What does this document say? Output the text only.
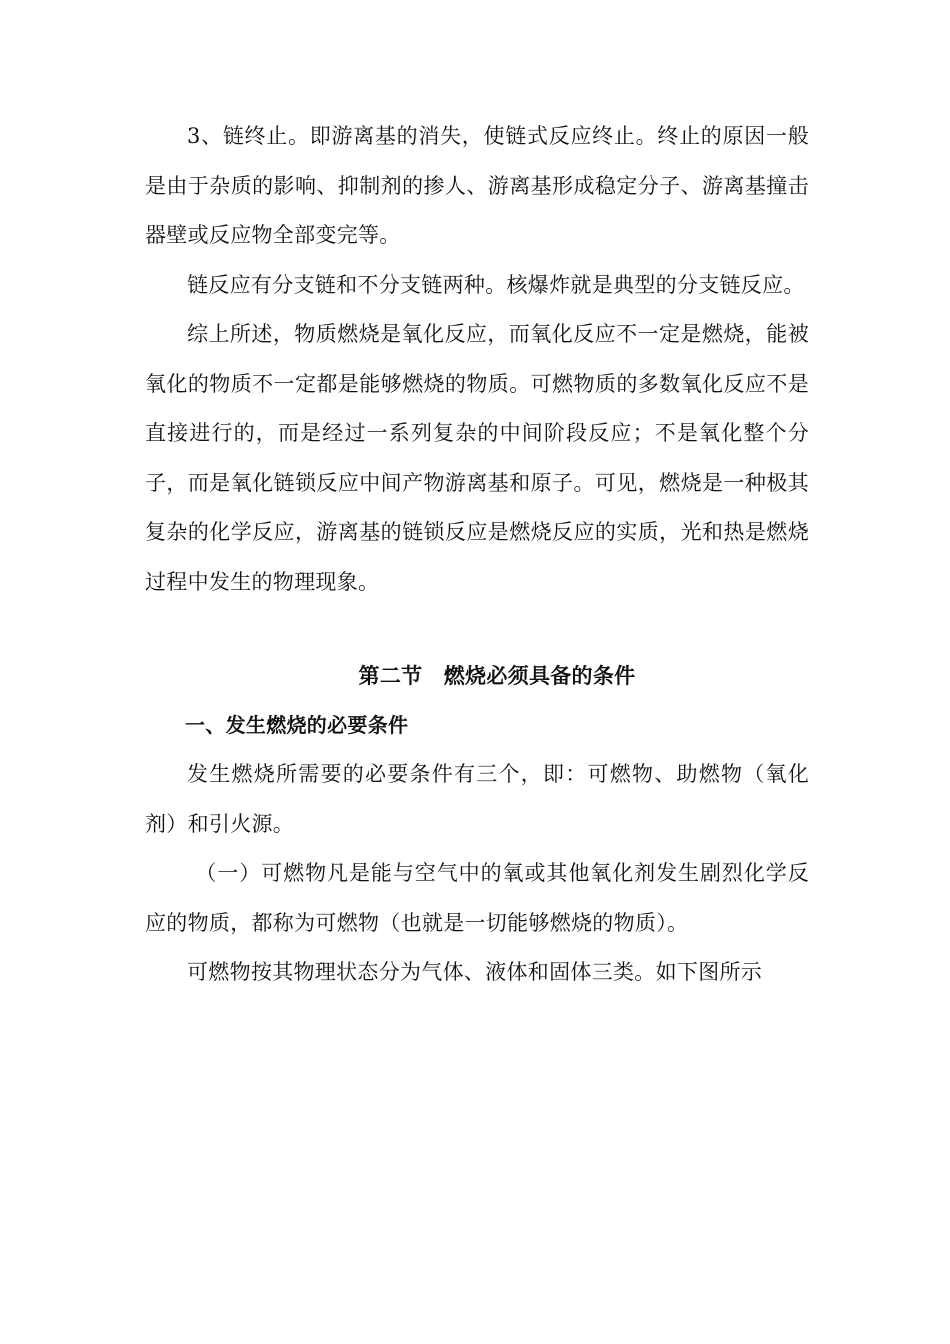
3、链终止。即游离基的消失，使链式反应终止。终止的原因一般是由于杂质的影响、抑制剂的掺人、游离基形成稳定分子、游离基撞击器壁或反应物全部变完等。

链反应有分支链和不分支链两种。核爆炸就是典型的分支链反应。

综上所述，物质燃烧是氧化反应，而氧化反应不一定是燃烧，能被氧化的物质不一定都是能够燃烧的物质。可燃物质的多数氧化反应不是直接进行的，而是经过一系列复杂的中间阶段反应；不是氧化整个分子，而是氧化链锁反应中间产物游离基和原子。可见，燃烧是一种极其复杂的化学反应，游离基的链锁反应是燃烧反应的实质，光和热是燃烧过程中发生的物理现象。

第二节　燃烧必须具备的条件
一、发生燃烧的必要条件

发生燃烧所需要的必要条件有三个，即：可燃物、助燃物（氧化剂）和引火源。

（一）可燃物凡是能与空气中的氧或其他氧化剂发生剧烈化学反应的物质，都称为可燃物（也就是一切能够燃烧的物质）。

可燃物按其物理状态分为气体、液体和固体三类。如下图所示
